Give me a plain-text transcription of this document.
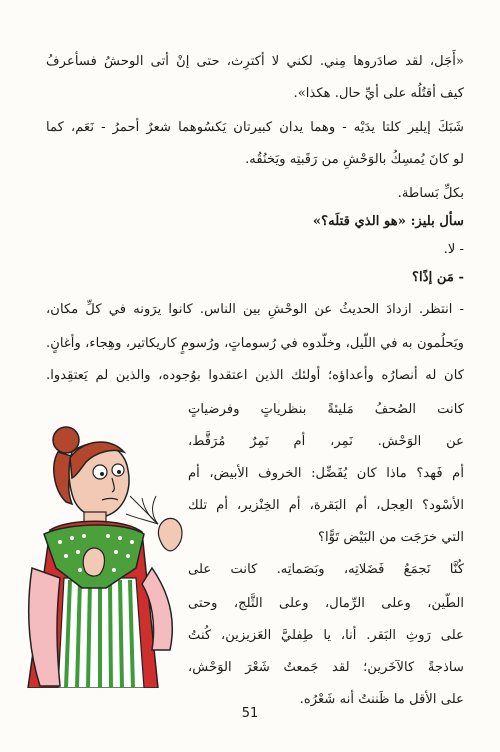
«أَجَل، لقد صادَروها مِني. لكني لا أكترِث، حتى إنْ أتى الوحشُ فسأعرفُ
كيف أقتُلُه على أيِّ حال. هكذا».
شَبَكَ إيلير كلتا يدَيْه - وهما يدان كبيرتان يَكسُوهما شعرٌ أحمرُ - نَعَم، كما
لو كانَ يُمسِكُ بالوَحْشِ من رَقَبتِه ويَخنُقُه.
بكلِّ بَساطة.
سأل بليز: «هو الذي قتلَه؟»
- لا.
- مَن إذًا؟
- انتظر. ازدادَ الحديثُ عن الوحْشِ بين الناس. كانوا يرَونه في كلِّ مكان،
ويَحلُمون به في اللّيل، وخلّدوه في رُسوماتٍ، ورُسومٍ كاريكاتير، وهِجاء، وأغانٍ.
كان له أنصارُه وأعداؤه؛ أولئك الذين اعتقدوا بوُجوده، والذين لم يَعتقِدوا.
كانت الصُحفُ مَليئةً بنظرياتٍ وفرضياتٍ
عن الوَحْش. نَمِر، أم نَمِرٌ مُرَقَّط،
أم فَهد؟ ماذا كان يُفَضِّل: الخروف الأبيض، أم
الأسْود؟ العِجل، أم البَقرة، أم الخِنْزير، أم تلك
التي خرَجَت من البَيْض تَوًّا؟
كُنَّا نَجمَعُ فَضَلاتِه، وبَصَماتِه. كانت على
الطّين، وعلى الرِّمال، وعلى الثَّلج، وحتى
على رَوثِ البَقر. أنا، يا طِفليَّ العَزيزين، كُنتُ
ساذجةً كالآخَرين؛ لقد جَمعتُ شَعْرَ الوَحْش،
على الأقل ما ظَننتُ أنه شَعْرُه.
51
